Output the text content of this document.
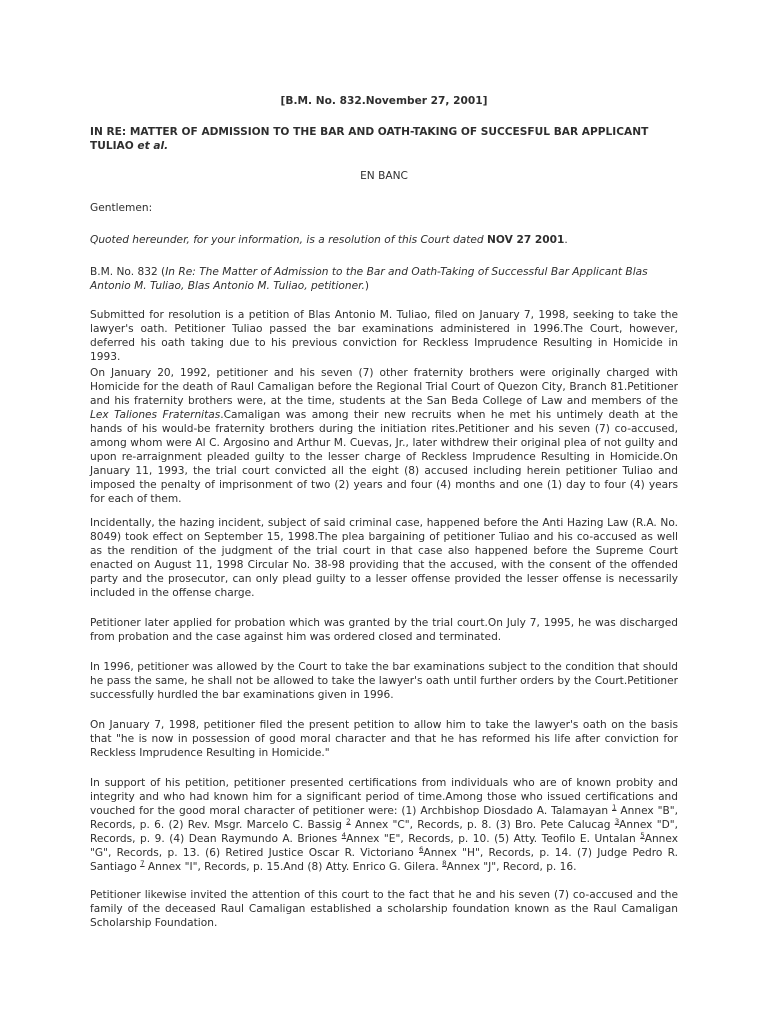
[B.M. No. 832.November 27, 2001]

IN RE: MATTER OF ADMISSION TO THE BAR AND OATH-TAKING OF SUCCESFUL BAR APPLICANT TULIAO et al.

EN BANC

Gentlemen:

Quoted hereunder, for your information, is a resolution of this Court dated NOV 27 2001.

B.M. No. 832 (In Re: The Matter of Admission to the Bar and Oath-Taking of Successful Bar Applicant Blas Antonio M. Tuliao, Blas Antonio M. Tuliao, petitioner.)

Submitted for resolution is a petition of Blas Antonio M. Tuliao, filed on January 7, 1998, seeking to take the lawyer's oath. Petitioner Tuliao passed the bar examinations administered in 1996.The Court, however, deferred his oath taking due to his previous conviction for Reckless Imprudence Resulting in Homicide in 1993.

On January 20, 1992, petitioner and his seven (7) other fraternity brothers were originally charged with Homicide for the death of Raul Camaligan before the Regional Trial Court of Quezon City, Branch 81.Petitioner and his fraternity brothers were, at the time, students at the San Beda College of Law and members of the Lex Taliones Fraternitas.Camaligan was among their new recruits when he met his untimely death at the hands of his would-be fraternity brothers during the initiation rites.Petitioner and his seven (7) co-accused, among whom were Al C. Argosino and Arthur M. Cuevas, Jr., later withdrew their original plea of not guilty and upon re-arraignment pleaded guilty to the lesser charge of Reckless Imprudence Resulting in Homicide.On January 11, 1993, the trial court convicted all the eight (8) accused including herein petitioner Tuliao and imposed the penalty of imprisonment of two (2) years and four (4) months and one (1) day to four (4) years for each of them.

Incidentally, the hazing incident, subject of said criminal case, happened before the Anti Hazing Law (R.A. No. 8049) took effect on September 15, 1998.The plea bargaining of petitioner Tuliao and his co-accused as well as the rendition of the judgment of the trial court in that case also happened before the Supreme Court enacted on August 11, 1998 Circular No. 38-98 providing that the accused, with the consent of the offended party and the prosecutor, can only plead guilty to a lesser offense provided the lesser offense is necessarily included in the offense charge.

Petitioner later applied for probation which was granted by the trial court.On July 7, 1995, he was discharged from probation and the case against him was ordered closed and terminated.

In 1996, petitioner was allowed by the Court to take the bar examinations subject to the condition that should he pass the same, he shall not be allowed to take the lawyer's oath until further orders by the Court.Petitioner successfully hurdled the bar examinations given in 1996.

On January 7, 1998, petitioner filed the present petition to allow him to take the lawyer's oath on the basis that "he is now in possession of good moral character and that he has reformed his life after conviction for Reckless Imprudence Resulting in Homicide."

In support of his petition, petitioner presented certifications from individuals who are of known probity and integrity and who had known him for a significant period of time.Among those who issued certifications and vouched for the good moral character of petitioner were: (1) Archbishop Diosdado A. Talamayan $^1$ Annex "B", Records, p. 6. (2) Rev. Msgr. Marcelo C. Bassig $^2$ Annex "C", Records, p. 8. (3) Bro. Pete Calucag $^3$Annex "D", Records, p. 9. (4) Dean Raymundo A. Briones $^4$Annex "E", Records, p. 10. (5) Atty. Teofilo E. Untalan $^5$Annex "G", Records, p. 13. (6) Retired Justice Oscar R. Victoriano $^6$Annex "H", Records, p. 14. (7) Judge Pedro R. Santiago $^7$ Annex "I", Records, p. 15.And (8) Atty. Enrico G. Gilera. $^8$Annex "J", Record, p. 16.

Petitioner likewise invited the attention of this court to the fact that he and his seven (7) co-accused and the family of the deceased Raul Camaligan established a scholarship foundation known as the Raul Camaligan Scholarship Foundation.
